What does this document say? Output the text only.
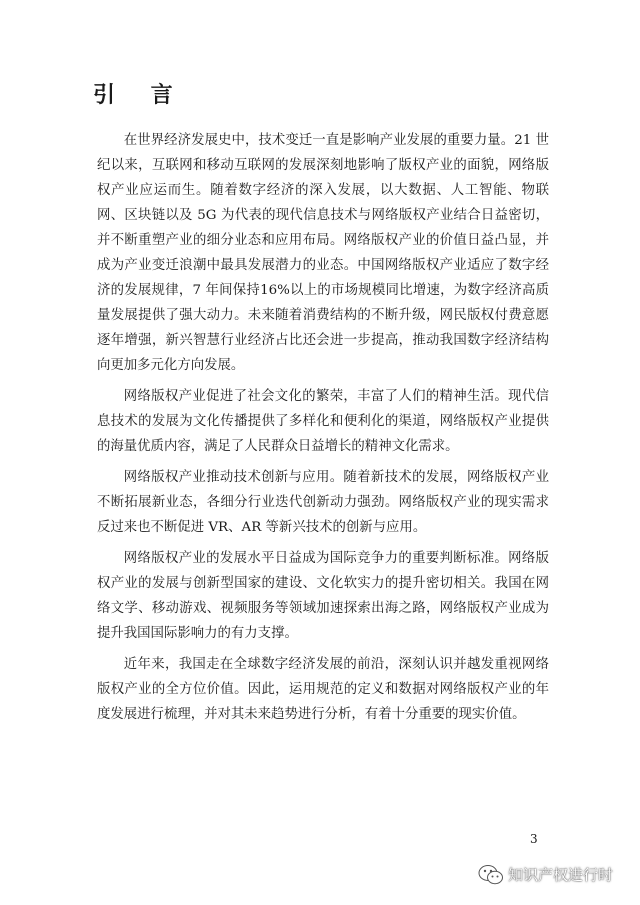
引 言

在世界经济发展史中，技术变迁一直是影响产业发展的重要力量。21 世纪以来，互联网和移动互联网的发展深刻地影响了版权产业的面貌，网络版权产业应运而生。随着数字经济的深入发展，以大数据、人工智能、物联网、区块链以及 5G 为代表的现代信息技术与网络版权产业结合日益密切，并不断重塑产业的细分业态和应用布局。网络版权产业的价值日益凸显，并成为产业变迁浪潮中最具发展潜力的业态。中国网络版权产业适应了数字经济的发展规律，7 年间保持16%以上的市场规模同比增速，为数字经济高质量发展提供了强大动力。未来随着消费结构的不断升级，网民版权付费意愿逐年增强，新兴智慧行业经济占比还会进一步提高，推动我国数字经济结构向更加多元化方向发展。

网络版权产业促进了社会文化的繁荣，丰富了人们的精神生活。现代信息技术的发展为文化传播提供了多样化和便利化的渠道，网络版权产业提供的海量优质内容，满足了人民群众日益增长的精神文化需求。

网络版权产业推动技术创新与应用。随着新技术的发展，网络版权产业不断拓展新业态，各细分行业迭代创新动力强劲。网络版权产业的现实需求反过来也不断促进 VR、AR 等新兴技术的创新与应用。

网络版权产业的发展水平日益成为国际竞争力的重要判断标准。网络版权产业的发展与创新型国家的建设、文化软实力的提升密切相关。我国在网络文学、移动游戏、视频服务等领域加速探索出海之路，网络版权产业成为提升我国国际影响力的有力支撑。

近年来，我国走在全球数字经济发展的前沿，深刻认识并越发重视网络版权产业的全方位价值。因此，运用规范的定义和数据对网络版权产业的年度发展进行梳理，并对其未来趋势进行分析，有着十分重要的现实价值。

3
知识产权进行时
